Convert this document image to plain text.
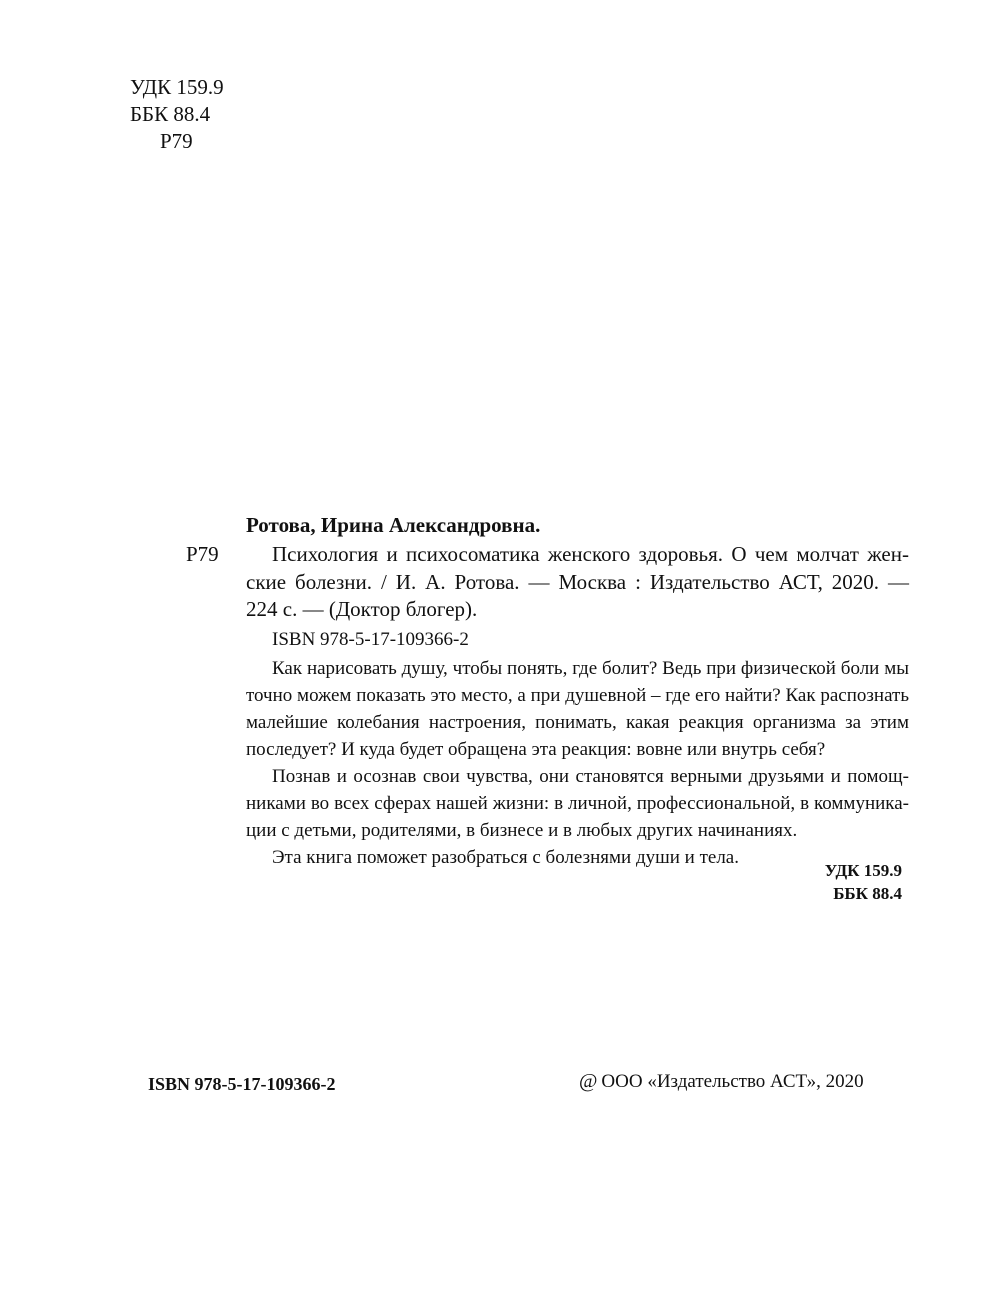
УДК 159.9
ББК 88.4
Р79
Ротова, Ирина Александровна.
Р79	Психология и психосоматика женского здоровья. О чем молчат жен-
ские болезни. / И. А. Ротова. — Москва : Издательство АСТ, 2020. —
224 с. — (Доктор блогер).
ISBN 978-5-17-109366-2

Как нарисовать душу, чтобы понять, где болит? Ведь при физической боли мы
точно можем показать это место, а при душевной – где его найти? Как распознать
малейшие колебания настроения, понимать, какая реакция организма за этим
последует? И куда будет обращена эта реакция: вовне или внутрь себя?

Познав и осознав свои чувства, они становятся верными друзьями и помощ-
никами во всех сферах нашей жизни: в личной, профессиональной, в коммуника-
ции с детьми, родителями, в бизнесе и в любых других начинаниях.

Эта книга поможет разобраться с болезнями души и тела.

УДК 159.9
ББК 88.4
ISBN 978-5-17-109366-2	@ ООО «Издательство АСТ», 2020
